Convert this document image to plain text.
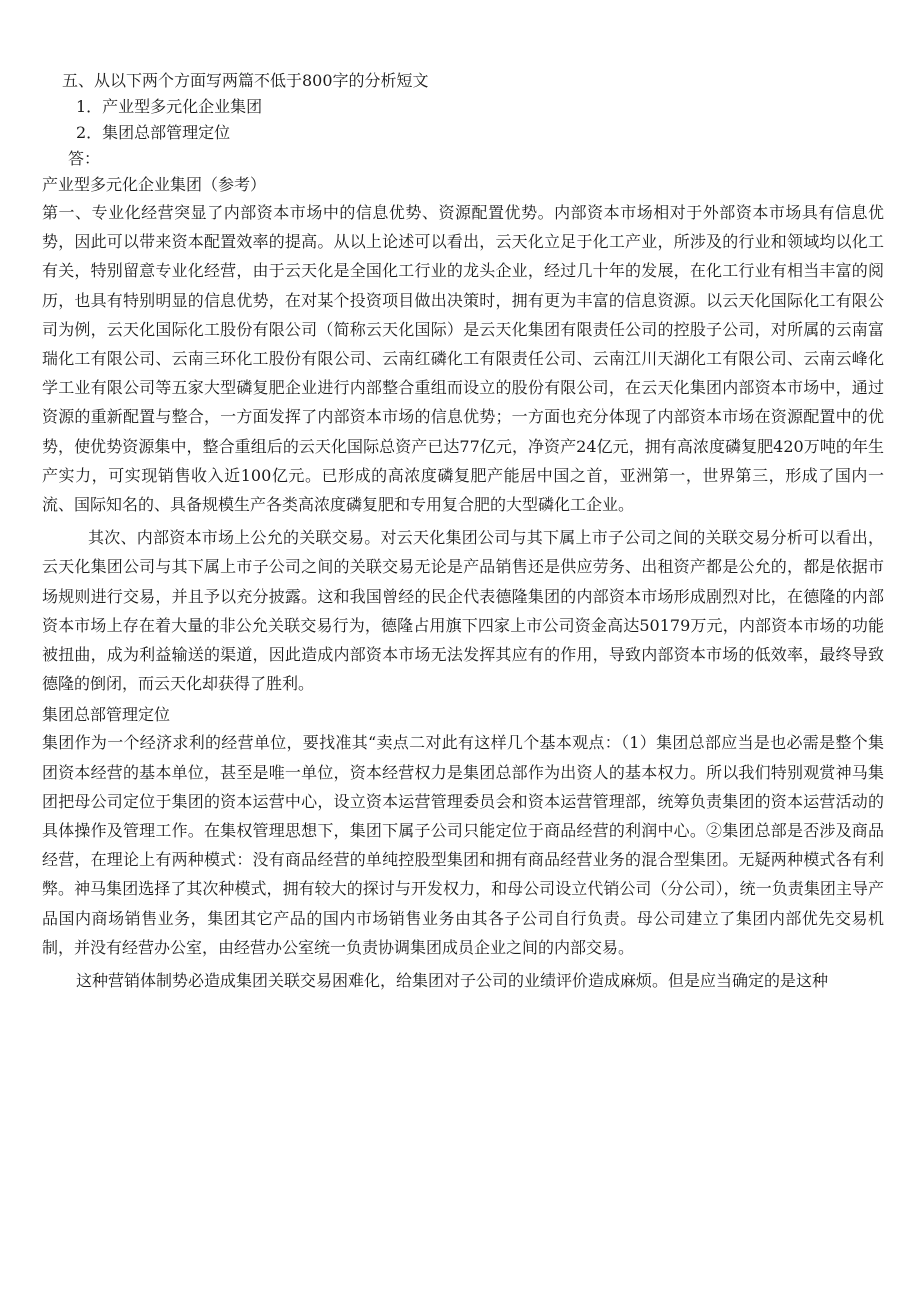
五、从以下两个方面写两篇不低于800字的分析短文

1．产业型多元化企业集团

2．集团总部管理定位

答：

产业型多元化企业集团（参考）

第一、专业化经营突显了内部资本市场中的信息优势、资源配置优势。内部资本市场相对于外部资本市场具有信息优势，因此可以带来资本配置效率的提高。从以上论述可以看出，云天化立足于化工产业，所涉及的行业和领域均以化工有关，特别留意专业化经营，由于云天化是全国化工行业的龙头企业，经过几十年的发展，在化工行业有相当丰富的阅历，也具有特别明显的信息优势，在对某个投资项目做出决策时，拥有更为丰富的信息资源。以云天化国际化工有限公司为例，云天化国际化工股份有限公司（简称云天化国际）是云天化集团有限责任公司的控股子公司，对所属的云南富瑞化工有限公司、云南三环化工股份有限公司、云南红磷化工有限责任公司、云南江川天湖化工有限公司、云南云峰化学工业有限公司等五家大型磷复肥企业进行内部整合重组而设立的股份有限公司，在云天化集团内部资本市场中，通过资源的重新配置与整合，一方面发挥了内部资本市场的信息优势；一方面也充分体现了内部资本市场在资源配置中的优势，使优势资源集中，整合重组后的云天化国际总资产已达77亿元，净资产24亿元，拥有高浓度磷复肥420万吨的年生产实力，可实现销售收入近100亿元。已形成的高浓度磷复肥产能居中国之首，亚洲第一，世界第三，形成了国内一流、国际知名的、具备规模生产各类高浓度磷复肥和专用复合肥的大型磷化工企业。

其次、内部资本市场上公允的关联交易。对云天化集团公司与其下属上市子公司之间的关联交易分析可以看出，云天化集团公司与其下属上市子公司之间的关联交易无论是产品销售还是供应劳务、出租资产都是公允的，都是依据市场规则进行交易，并且予以充分披露。这和我国曾经的民企代表德隆集团的内部资本市场形成剧烈对比，在德隆的内部资本市场上存在着大量的非公允关联交易行为，德隆占用旗下四家上市公司资金高达50179万元，内部资本市场的功能被扭曲，成为利益输送的渠道，因此造成内部资本市场无法发挥其应有的作用，导致内部资本市场的低效率，最终导致德隆的倒闭，而云天化却获得了胜利。

集团总部管理定位

集团作为一个经济求利的经营单位，要找准其“卖点二对此有这样几个基本观点：（1）集团总部应当是也必需是整个集团资本经营的基本单位，甚至是唯一单位，资本经营权力是集团总部作为出资人的基本权力。所以我们特别观赏神马集团把母公司定位于集团的资本运营中心，设立资本运营管理委员会和资本运营管理部，统筹负责集团的资本运营活动的具体操作及管理工作。在集权管理思想下，集团下属子公司只能定位于商品经营的利润中心。②集团总部是否涉及商品经营，在理论上有两种模式：没有商品经营的单纯控股型集团和拥有商品经营业务的混合型集团。无疑两种模式各有利弊。神马集团选择了其次种模式，拥有较大的探讨与开发权力，和母公司设立代销公司（分公司），统一负责集团主导产品国内商场销售业务，集团其它产品的国内市场销售业务由其各子公司自行负责。母公司建立了集团内部优先交易机制，并没有经营办公室，由经营办公室统一负责协调集团成员企业之间的内部交易。

这种营销体制势必造成集团关联交易困难化，给集团对子公司的业绩评价造成麻烦。但是应当确定的是这种
